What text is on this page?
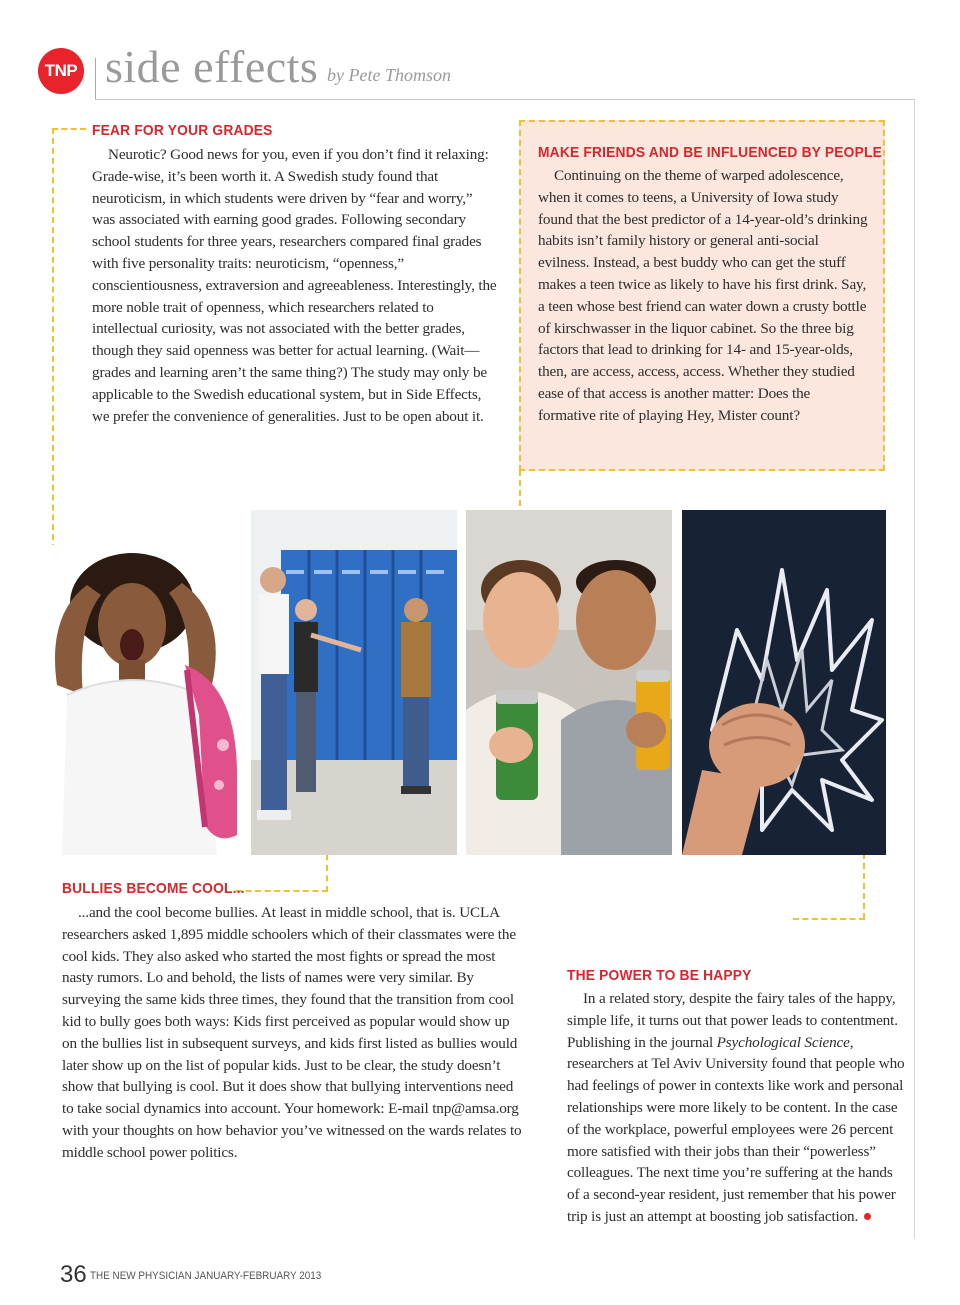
TNP side effects by Pete Thomson
FEAR FOR YOUR GRADES
Neurotic? Good news for you, even if you don’t find it relaxing: Grade-wise, it’s been worth it. A Swedish study found that neuroticism, in which students were driven by “fear and worry,” was associated with earning good grades. Following secondary school students for three years, researchers compared final grades with five personality traits: neuroticism, “openness,” conscientiousness, extraversion and agreeableness. Interestingly, the more noble trait of openness, which researchers related to intellectual curiosity, was not associated with the better grades, though they said openness was better for actual learning. (Wait—grades and learning aren’t the same thing?) The study may only be applicable to the Swedish educational system, but in Side Effects, we prefer the convenience of generalities. Just to be open about it.
MAKE FRIENDS AND BE INFLUENCED BY PEOPLE
Continuing on the theme of warped adolescence, when it comes to teens, a University of Iowa study found that the best predictor of a 14-year-old’s drinking habits isn’t family history or general anti-social evilness. Instead, a best buddy who can get the stuff makes a teen twice as likely to have his first drink. Say, a teen whose best friend can water down a crusty bottle of kirschwasser in the liquor cabinet. So the three big factors that lead to drinking for 14- and 15-year-olds, then, are access, access, access. Whether they studied ease of that access is another matter: Does the formative rite of playing Hey, Mister count?
BULLIES BECOME COOL...
...and the cool become bullies. At least in middle school, that is. UCLA researchers asked 1,895 middle schoolers which of their classmates were the cool kids. They also asked who started the most fights or spread the most nasty rumors. Lo and behold, the lists of names were very similar. By surveying the same kids three times, they found that the transition from cool kid to bully goes both ways: Kids first perceived as popular would show up on the bullies list in subsequent surveys, and kids first listed as bullies would later show up on the list of popular kids. Just to be clear, the study doesn’t show that bullying is cool. But it does show that bullying interventions need to take social dynamics into account. Your homework: E-mail tnp@amsa.org with your thoughts on how behavior you’ve witnessed on the wards relates to middle school power politics.
THE POWER TO BE HAPPY
In a related story, despite the fairy tales of the happy, simple life, it turns out that power leads to contentment. Publishing in the journal Psychological Science, researchers at Tel Aviv University found that people who had feelings of power in contexts like work and personal relationships were more likely to be content. In the case of the workplace, powerful employees were 26 percent more satisfied with their jobs than their “powerless” colleagues. The next time you’re suffering at the hands of a second-year resident, just remember that his power trip is just an attempt at boosting job satisfaction.
36 THE NEW PHYSICIAN JANUARY-FEBRUARY 2013
